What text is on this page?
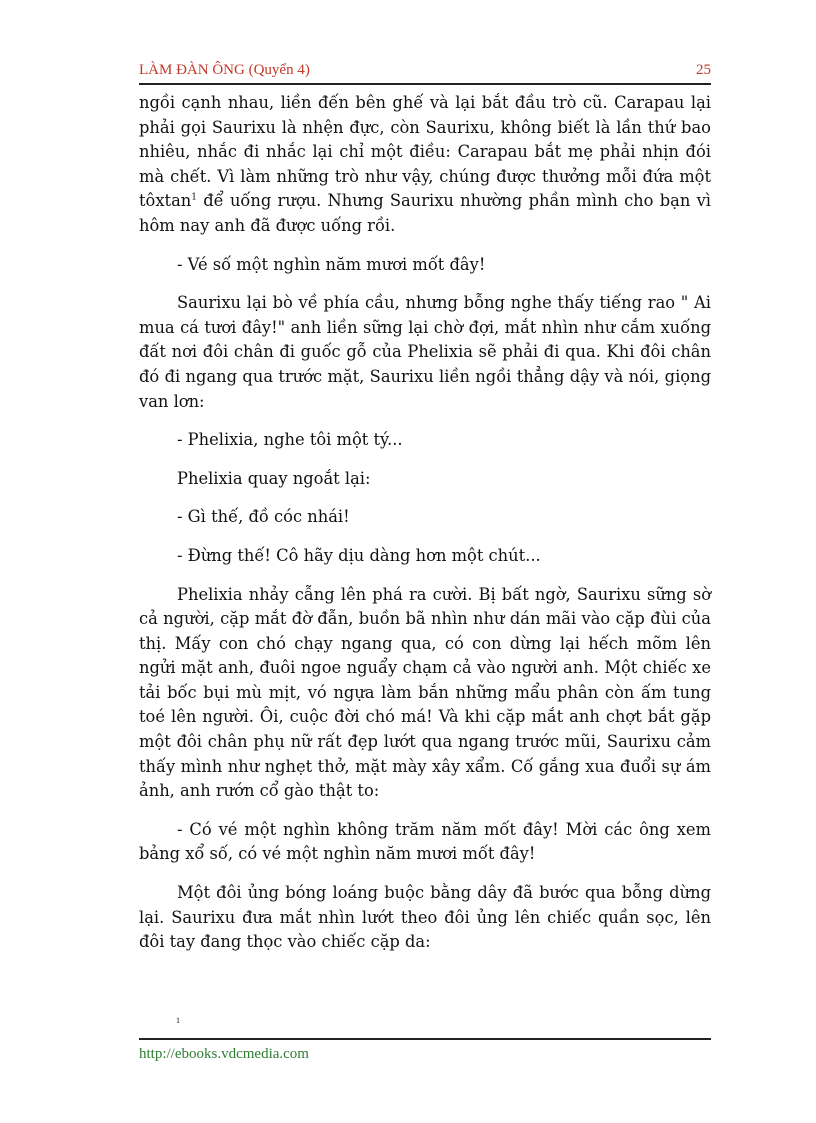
LÀM ĐÀN ÔNG (Quyển 4)	25

ngồi cạnh nhau, liền đến bên ghế và lại bắt đầu trò cũ. Carapau lại phải gọi Saurixu là nhện đực, còn Saurixu, không biết là lần thứ bao nhiêu, nhắc đi nhắc lại chỉ một điều: Carapau bắt mẹ phải nhịn đói mà chết. Vì làm những trò như vậy, chúng được thưởng mỗi đứa một tôxtan$^1$ để uống rượu. Nhưng Saurixu nhường phần mình cho bạn vì hôm nay anh đã được uống rồi.

- Vé số một nghìn năm mươi mốt đây!

Saurixu lại bò về phía cầu, nhưng bỗng nghe thấy tiếng rao " Ai mua cá tươi đây!" anh liền sững lại chờ đợi, mắt nhìn như cắm xuống đất nơi đôi chân đi guốc gỗ của Phelixia sẽ phải đi qua. Khi đôi chân đó đi ngang qua trước mặt, Saurixu liền ngồi thẳng dậy và nói, giọng van lơn:

- Phelixia, nghe tôi một tý...

Phelixia quay ngoắt lại:

- Gì thế, đồ cóc nhái!

- Đừng thế! Cô hãy dịu dàng hơn một chút...

Phelixia nhảy cẫng lên phá ra cười. Bị bất ngờ, Saurixu sững sờ cả người, cặp mắt đờ đẫn, buồn bã nhìn như dán mãi vào cặp đùi của thị. Mấy con chó chạy ngang qua, có con dừng lại hếch mõm lên ngửi mặt anh, đuôi ngoe nguẩy chạm cả vào người anh. Một chiếc xe tải bốc bụi mù mịt, vó ngựa làm bắn những mẩu phân còn ấm tung toé lên người. Ôi, cuộc đời chó má! Và khi cặp mắt anh chợt bắt gặp một đôi chân phụ nữ rất đẹp lướt qua ngang trước mũi, Saurixu cảm thấy mình như nghẹt thở, mặt mày xây xẩm. Cố gắng xua đuổi sự ám ảnh, anh rướn cổ gào thật to:

- Có vé một nghìn không trăm năm mốt đây! Mời các ông xem bảng xổ số, có vé một nghìn năm mươi mốt đây!

Một đôi ủng bóng loáng buộc bằng dây đã bước qua bỗng dừng lại. Saurixu đưa mắt nhìn lướt theo đôi ủng lên chiếc quần sọc, lên đôi tay đang thọc vào chiếc cặp da:

1
http://ebooks.vdcmedia.com
